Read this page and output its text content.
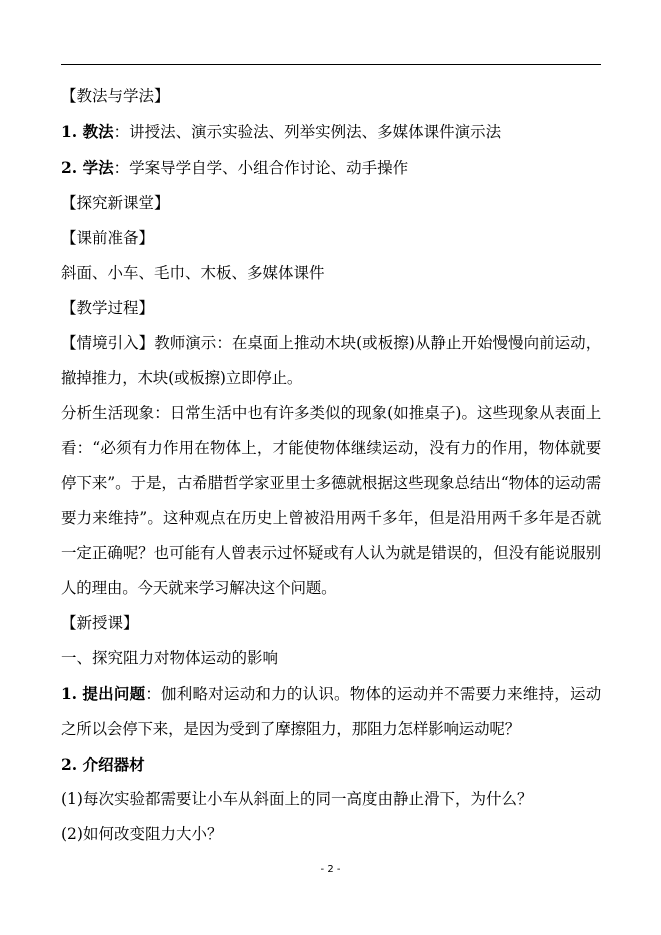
【教法与学法】

1. 教法：讲授法、演示实验法、列举实例法、多媒体课件演示法

2. 学法：学案导学自学、小组合作讨论、动手操作

【探究新课堂】

【课前准备】

斜面、小车、毛巾、木板、多媒体课件

【教学过程】

【情境引入】教师演示：在桌面上推动木块(或板擦)从静止开始慢慢向前运动，撤掉推力，木块(或板擦)立即停止。

分析生活现象：日常生活中也有许多类似的现象(如推桌子)。这些现象从表面上看：“必须有力作用在物体上，才能使物体继续运动，没有力的作用，物体就要停下来”。于是，古希腊哲学家亚里士多德就根据这些现象总结出“物体的运动需要力来维持”。这种观点在历史上曾被沿用两千多年，但是沿用两千多年是否就一定正确呢？也可能有人曾表示过怀疑或有人认为就是错误的，但没有能说服别人的理由。今天就来学习解决这个问题。

【新授课】

一、探究阻力对物体运动的影响

1. 提出问题：伽利略对运动和力的认识。物体的运动并不需要力来维持，运动之所以会停下来，是因为受到了摩擦阻力，那阻力怎样影响运动呢？

2. 介绍器材

(1)每次实验都需要让小车从斜面上的同一高度由静止滑下，为什么？

(2)如何改变阻力大小？

- 2 -
